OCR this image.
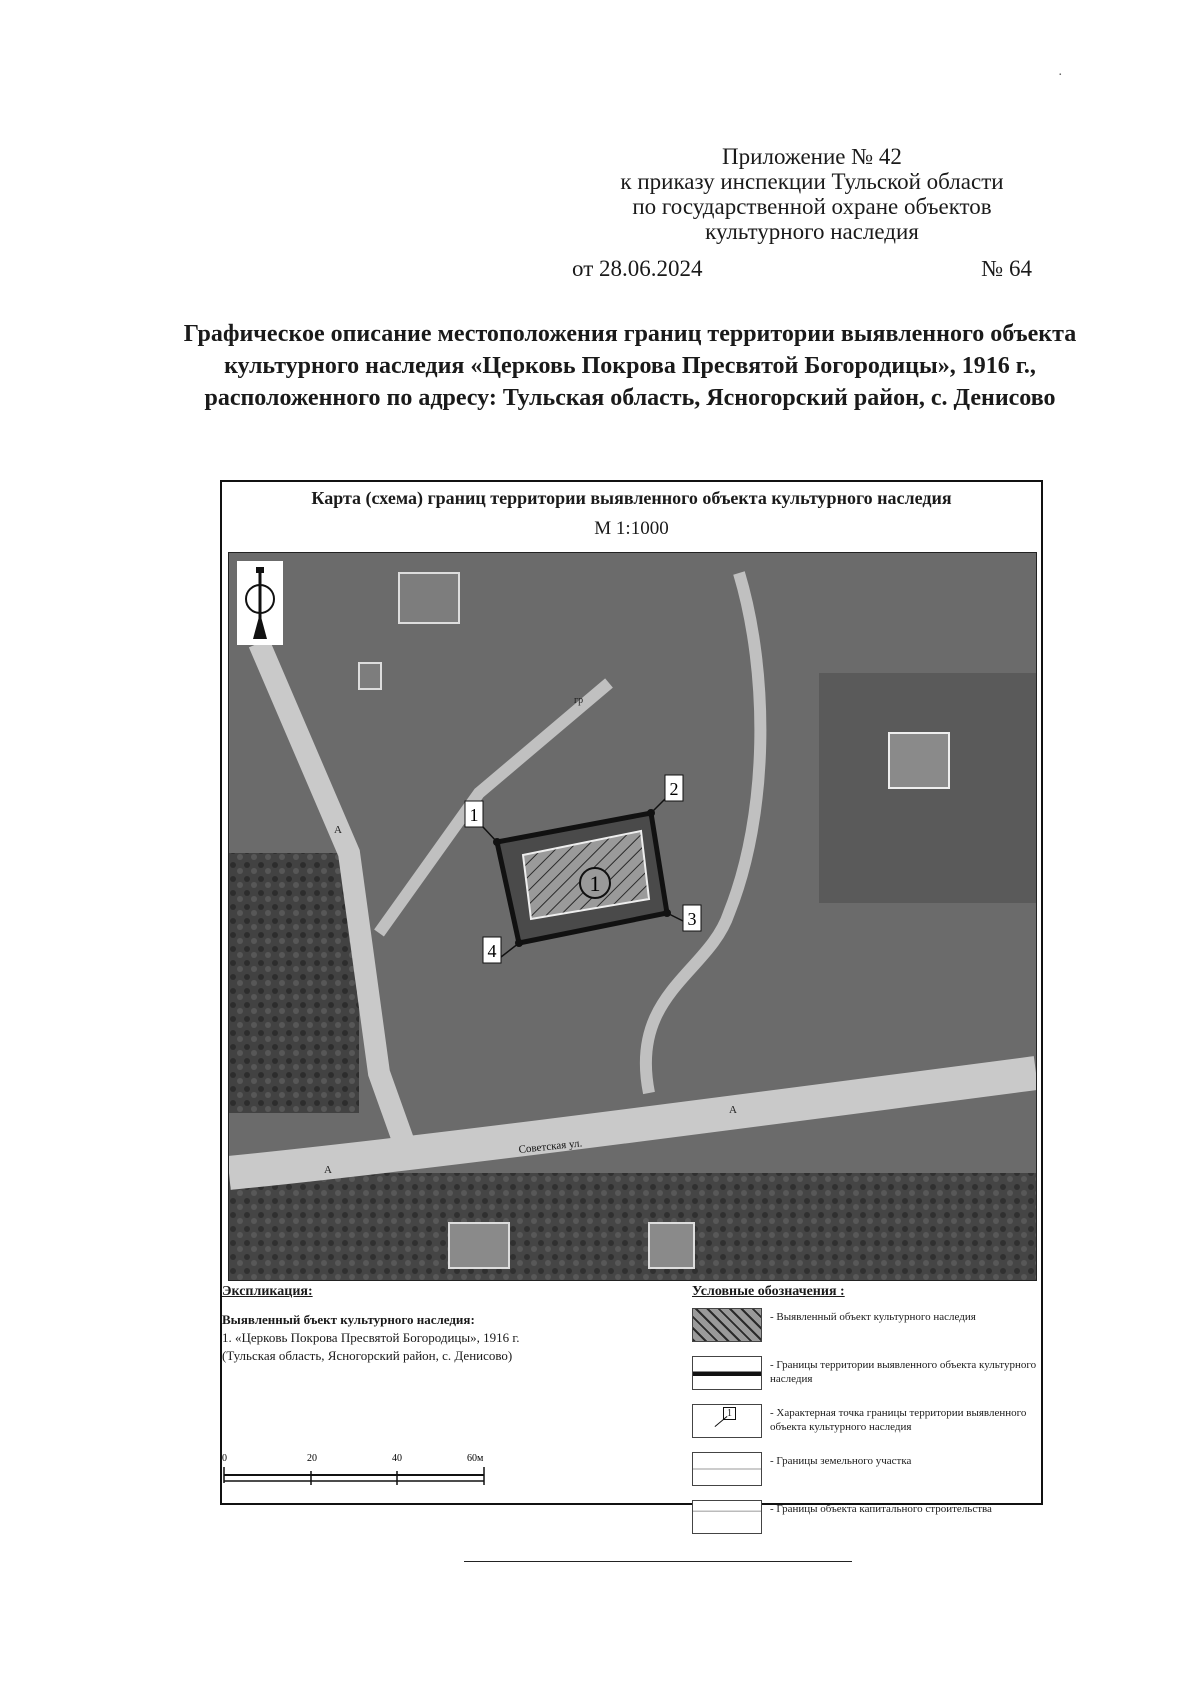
.
Приложение № 42
к приказу инспекции Тульской области
по государственной охране объектов
культурного наследия
от 28.06.2024	№ 64
Графическое описание местоположения границ территории выявленного объекта культурного наследия «Церковь Покрова Пресвятой Богородицы», 1916 г., расположенного по адресу: Тульская область, Ясногорский район, с. Денисово
Карта (схема) границ территории выявленного объекта культурного наследия
М 1:1000
1
1
2
3
4
Советская ул.
А
А
А
гр

Экспликация:

Выявленный бъект культурного наследия:

1. «Церковь Покрова Пресвятой Богородицы», 1916 г.

(Тульская область, Ясногорский район, с. Денисово)

Условные обозначения :

- Выявленный объект культурного наследия
- Границы территории выявленного объекта культурного наследия
1	- Характерная точка границы территории выявленного объекта культурного наследия
- Границы земельного участка
- Границы объекта капитального строительства
0	20	40	60м
